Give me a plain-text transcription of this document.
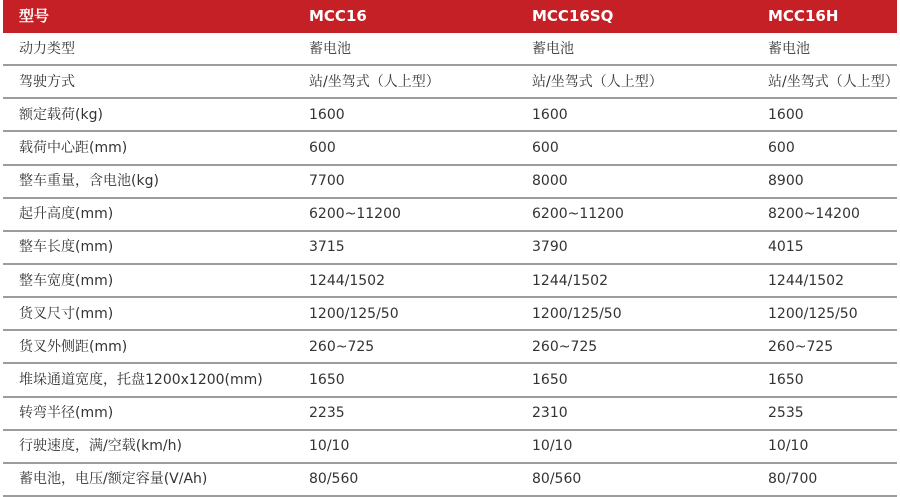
型号	MCC16	MCC16SQ	MCC16H
动力类型	蓄电池	蓄电池	蓄电池
驾驶方式	站/坐驾式（人上型）	站/坐驾式（人上型）	站/坐驾式（人上型）
额定载荷(kg)	1600	1600	1600
载荷中心距(mm)	600	600	600
整车重量，含电池(kg)	7700	8000	8900
起升高度(mm)	6200~11200	6200~11200	8200~14200
整车长度(mm)	3715	3790	4015
整车宽度(mm)	1244/1502	1244/1502	1244/1502
货叉尺寸(mm)	1200/125/50	1200/125/50	1200/125/50
货叉外侧距(mm)	260~725	260~725	260~725
堆垛通道宽度，托盘1200x1200(mm)	1650	1650	1650
转弯半径(mm)	2235	2310	2535
行驶速度，满/空载(km/h)	10/10	10/10	10/10
蓄电池，电压/额定容量(V/Ah)	80/560	80/560	80/700
